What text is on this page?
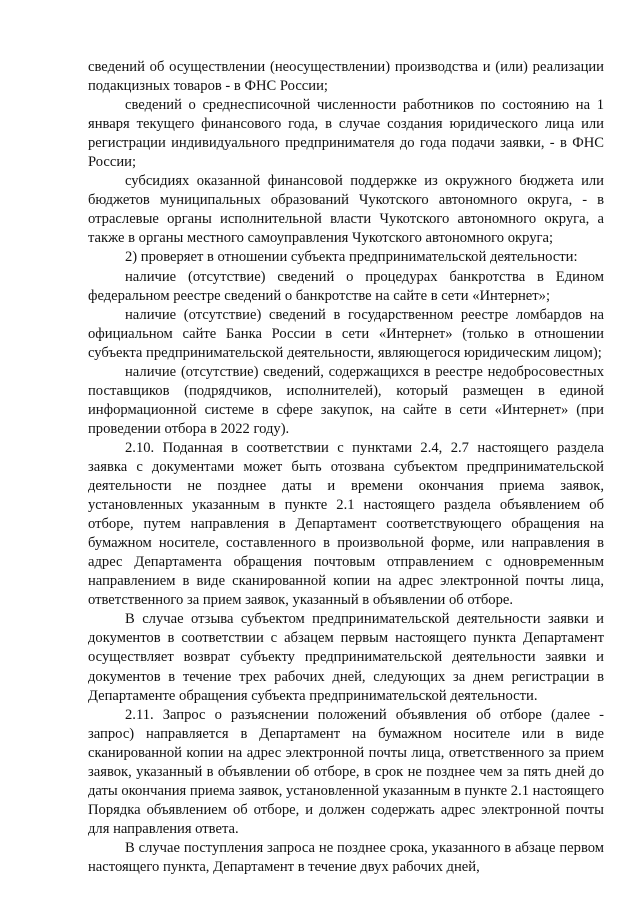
сведений об осуществлении (неосуществлении) производства и (или) реализации подакцизных товаров - в ФНС России;

сведений о среднесписочной численности работников по состоянию на 1 января текущего финансового года, в случае создания юридического лица или регистрации индивидуального предпринимателя до года подачи заявки, - в ФНС России;

субсидиях оказанной финансовой поддержке из окружного бюджета или бюджетов муниципальных образований Чукотского автономного округа, - в отраслевые органы исполнительной власти Чукотского автономного округа, а также в органы местного самоуправления Чукотского автономного округа;

2) проверяет в отношении субъекта предпринимательской деятельности:

наличие (отсутствие) сведений о процедурах банкротства в Едином федеральном реестре сведений о банкротстве на сайте в сети «Интернет»;

наличие (отсутствие) сведений в государственном реестре ломбардов на официальном сайте Банка России в сети «Интернет» (только в отношении субъекта предпринимательской деятельности, являющегося юридическим лицом);

наличие (отсутствие) сведений, содержащихся в реестре недобросовестных поставщиков (подрядчиков, исполнителей), который размещен в единой информационной системе в сфере закупок, на сайте в сети «Интернет» (при проведении отбора в 2022 году).

2.10. Поданная в соответствии с пунктами 2.4, 2.7 настоящего раздела заявка с документами может быть отозвана субъектом предпринимательской деятельности не позднее даты и времени окончания приема заявок, установленных указанным в пункте 2.1 настоящего раздела объявлением об отборе, путем направления в Департамент соответствующего обращения на бумажном носителе, составленного в произвольной форме, или направления в адрес Департамента обращения почтовым отправлением с одновременным направлением в виде сканированной копии на адрес электронной почты лица, ответственного за прием заявок, указанный в объявлении об отборе.

В случае отзыва субъектом предпринимательской деятельности заявки и документов в соответствии с абзацем первым настоящего пункта Департамент осуществляет возврат субъекту предпринимательской деятельности заявки и документов в течение трех рабочих дней, следующих за днем регистрации в Департаменте обращения субъекта предпринимательской деятельности.

2.11. Запрос о разъяснении положений объявления об отборе (далее - запрос) направляется в Департамент на бумажном носителе или в виде сканированной копии на адрес электронной почты лица, ответственного за прием заявок, указанный в объявлении об отборе, в срок не позднее чем за пять дней до даты окончания приема заявок, установленной указанным в пункте 2.1 настоящего Порядка объявлением об отборе, и должен содержать адрес электронной почты для направления ответа.

В случае поступления запроса не позднее срока, указанного в абзаце первом настоящего пункта, Департамент в течение двух рабочих дней,
